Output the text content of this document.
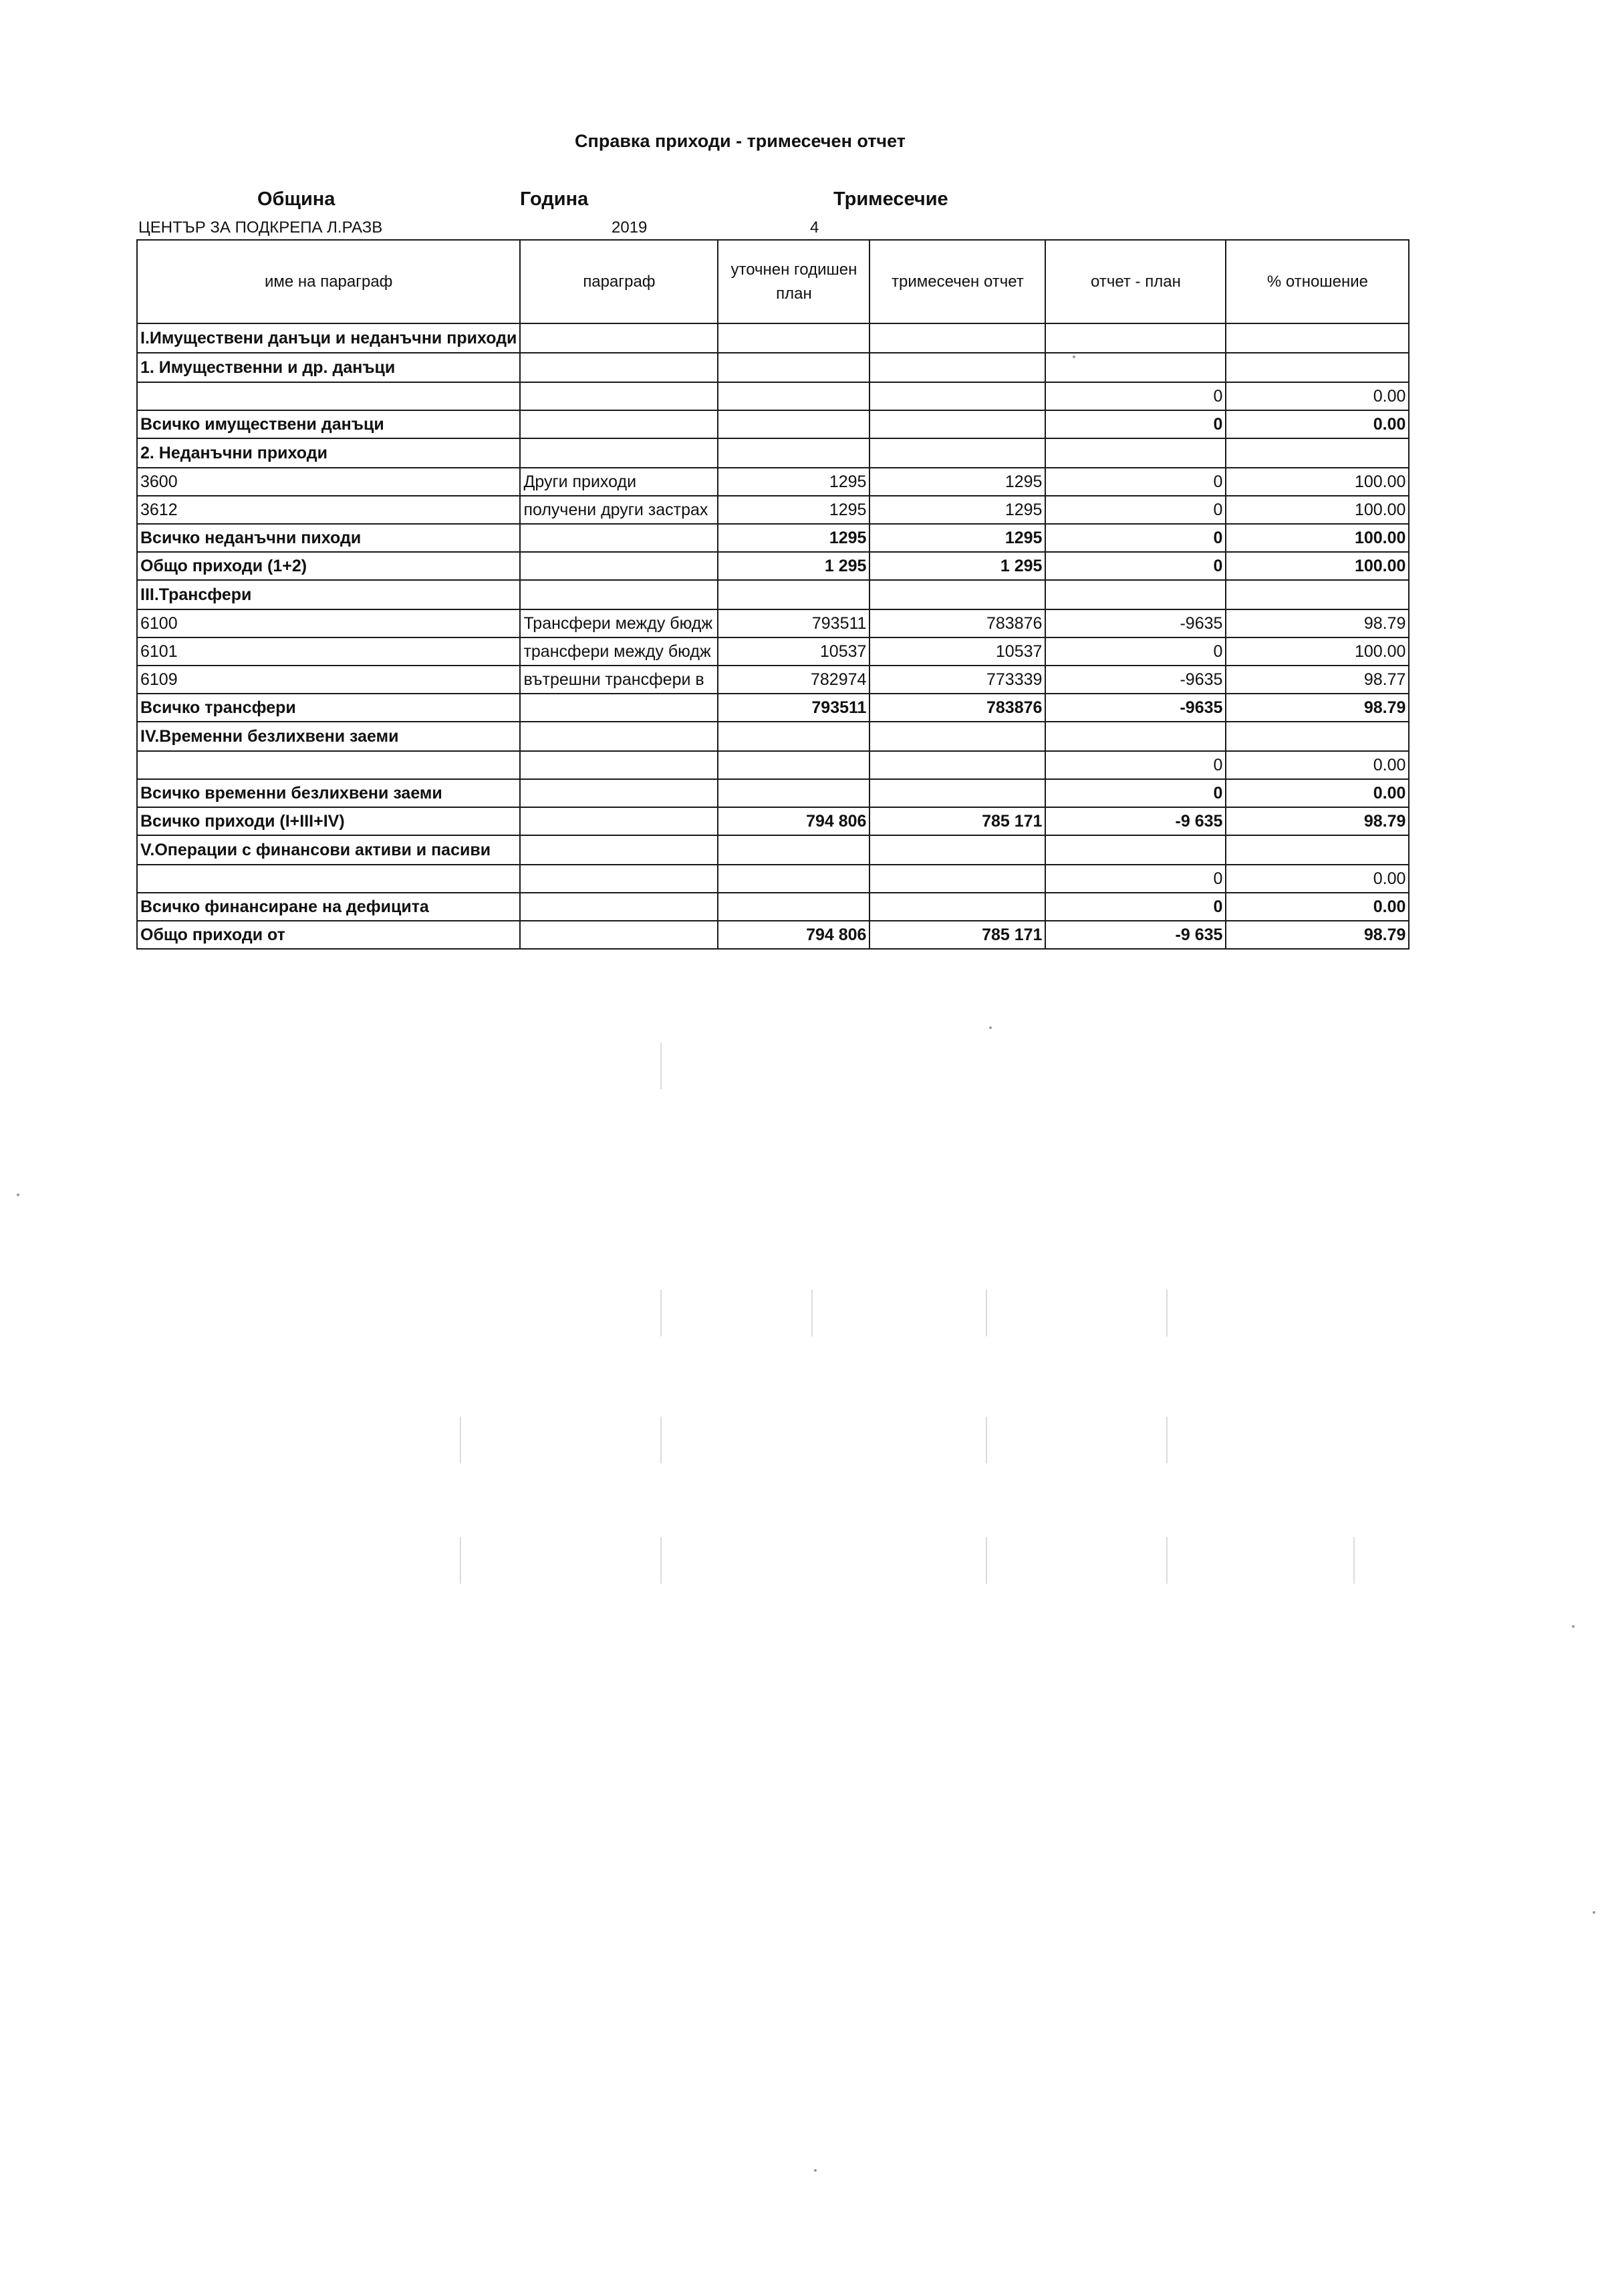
Справка приходи - тримесечен отчет
Община	Година	Тримесечие
ЦЕНТЪР ЗА ПОДКРЕПА Л.РАЗВ	2019	4
име на параграф	параграф	уточнен годишен план	тримесечен отчет	отчет - план	% отношение
I.Имуществени данъци и неданъчни приходи					
1. Имущественни и др. данъци					
				0	0.00
Всичко имуществени данъци				0	0.00
2. Неданъчни приходи					
3600	Други приходи	1295	1295	0	100.00
3612	получени други застрах	1295	1295	0	100.00
Всичко неданъчни пиходи		1295	1295	0	100.00
Общо приходи (1+2)		1 295	1 295	0	100.00
III.Трансфери					
6100	Трансфери между бюдж	793511	783876	-9635	98.79
6101	трансфери между бюдж	10537	10537	0	100.00
6109	вътрешни трансфери в	782974	773339	-9635	98.77
Всичко трансфери		793511	783876	-9635	98.79
IV.Временни безлихвени заеми					
				0	0.00
Всичко временни безлихвени заеми				0	0.00
Всичко приходи (I+III+IV)		794 806	785 171	-9 635	98.79
V.Операции с финансови активи и пасиви					
				0	0.00
Всичко финансиране на дефицита				0	0.00
Общо приходи от		794 806	785 171	-9 635	98.79
